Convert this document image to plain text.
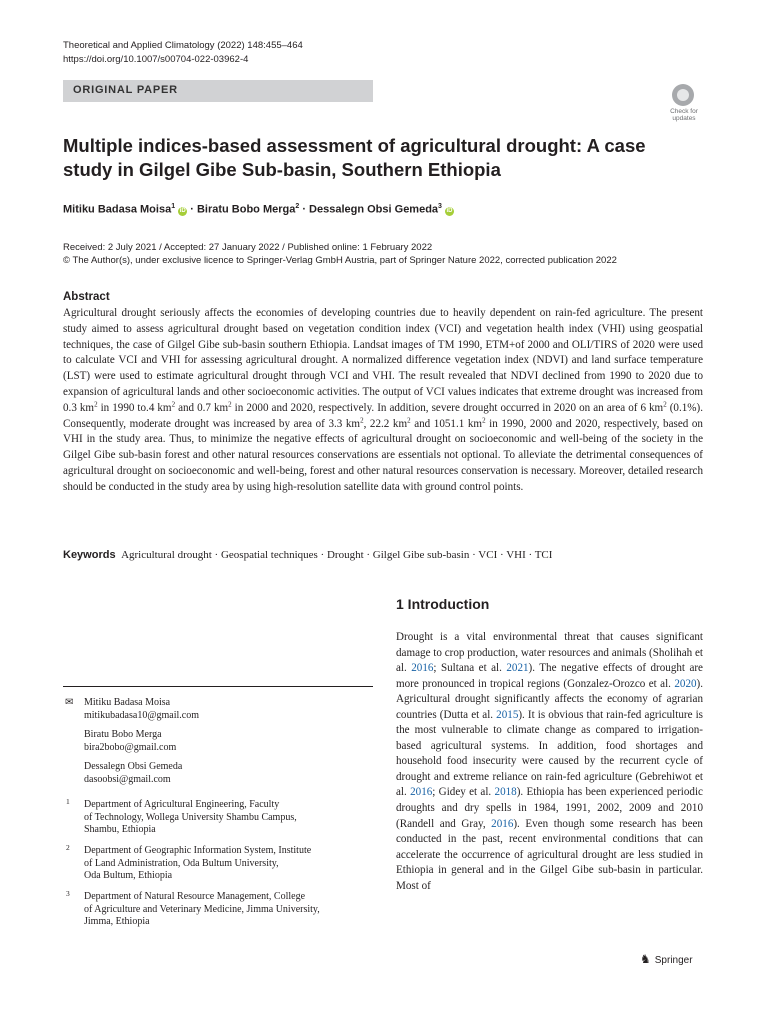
Theoretical and Applied Climatology (2022) 148:455–464
https://doi.org/10.1007/s00704-022-03962-4
ORIGINAL PAPER
Check for
updates
Multiple indices-based assessment of agricultural drought: A case study in Gilgel Gibe Sub-basin, Southern Ethiopia
Mitiku Badasa Moisa$^1$ iD · Biratu Bobo Merga$^2$ · Dessalegn Obsi Gemeda$^3$ iD
Received: 2 July 2021 / Accepted: 27 January 2022 / Published online: 1 February 2022
© The Author(s), under exclusive licence to Springer-Verlag GmbH Austria, part of Springer Nature 2022, corrected publication 2022
Abstract
Agricultural drought seriously affects the economies of developing countries due to heavily dependent on rain-fed agriculture. The present study aimed to assess agricultural drought based on vegetation condition index (VCI) and vegetation health index (VHI) using geospatial techniques, the case of Gilgel Gibe sub-basin southern Ethiopia. Landsat images of TM 1990, ETM+of 2000 and OLI/TIRS of 2020 were used to calculate VCI and VHI for assessing agricultural drought. A normalized difference vegetation index (NDVI) and land surface temperature (LST) were used to estimate agricultural drought through VCI and VHI. The result revealed that NDVI declined from 1990 to 2020 due to expansion of agricultural lands and other socioeconomic activities. The output of VCI values indicates that extreme drought was increased from 0.3 $km^2$ in 1990 to.4 $km^2$ and 0.7 $km^2$ in 2000 and 2020, respectively. In addition, severe drought occurred in 2020 on an area of 6 $km^2$ (0.1%). Consequently, moderate drought was increased by area of 3.3 $km^2$, 22.2 $km^2$ and 1051.1 $km^2$ in 1990, 2000 and 2020, respectively, based on VHI in the study area. Thus, to minimize the negative effects of agricultural drought on socioeconomic and well-being of the society in the Gilgel Gibe sub-basin forest and other natural resources conservations are essentials not optional. To alleviate the detrimental consequences of agricultural drought on socioeconomic and well-being, forest and other natural resources conservation is necessary. Moreover, detailed research should be conducted in the study area by using high-resolution satellite data with ground control points.
Keywords Agricultural drought · Geospatial techniques · Drought · Gilgel Gibe sub-basin · VCI · VHI · TCI
1 Introduction
Drought is a vital environmental threat that causes significant damage to crop production, water resources and animals (Sholihah et al. 2016; Sultana et al. 2021). The negative effects of drought are more pronounced in tropical regions (Gonzalez-Orozco et al. 2020). Agricultural drought significantly affects the economy of agrarian countries (Dutta et al. 2015). It is obvious that rain-fed agriculture is the most vulnerable to climate change as compared to irrigation-based agricultural systems. In addition, food shortages and household food insecurity were caused by the recurrent cycle of drought and extreme reliance on rain-fed agriculture (Gebrehiwot et al. 2016; Gidey et al. 2018). Ethiopia has been experienced periodic droughts and dry spells in 1984, 1991, 2002, 2009 and 2010 (Randell and Gray, 2016). Even though some research has been conducted in the past, recent environmental conditions that can accelerate the occurrence of agricultural drought are less studied in Ethiopia in general and in the Gilgel Gibe sub-basin in particular. Most of
✉ Mitiku Badasa Moisa
mitikubadasa10@gmail.com
Biratu Bobo Merga
bira2bobo@gmail.com
Dessalegn Obsi Gemeda
dasoobsi@gmail.com
1 Department of Agricultural Engineering, Faculty
of Technology, Wollega University Shambu Campus,
Shambu, Ethiopia
2 Department of Geographic Information System, Institute
of Land Administration, Oda Bultum University,
Oda Bultum, Ethiopia
3 Department of Natural Resource Management, College
of Agriculture and Veterinary Medicine, Jimma University,
Jimma, Ethiopia
♞ Springer
